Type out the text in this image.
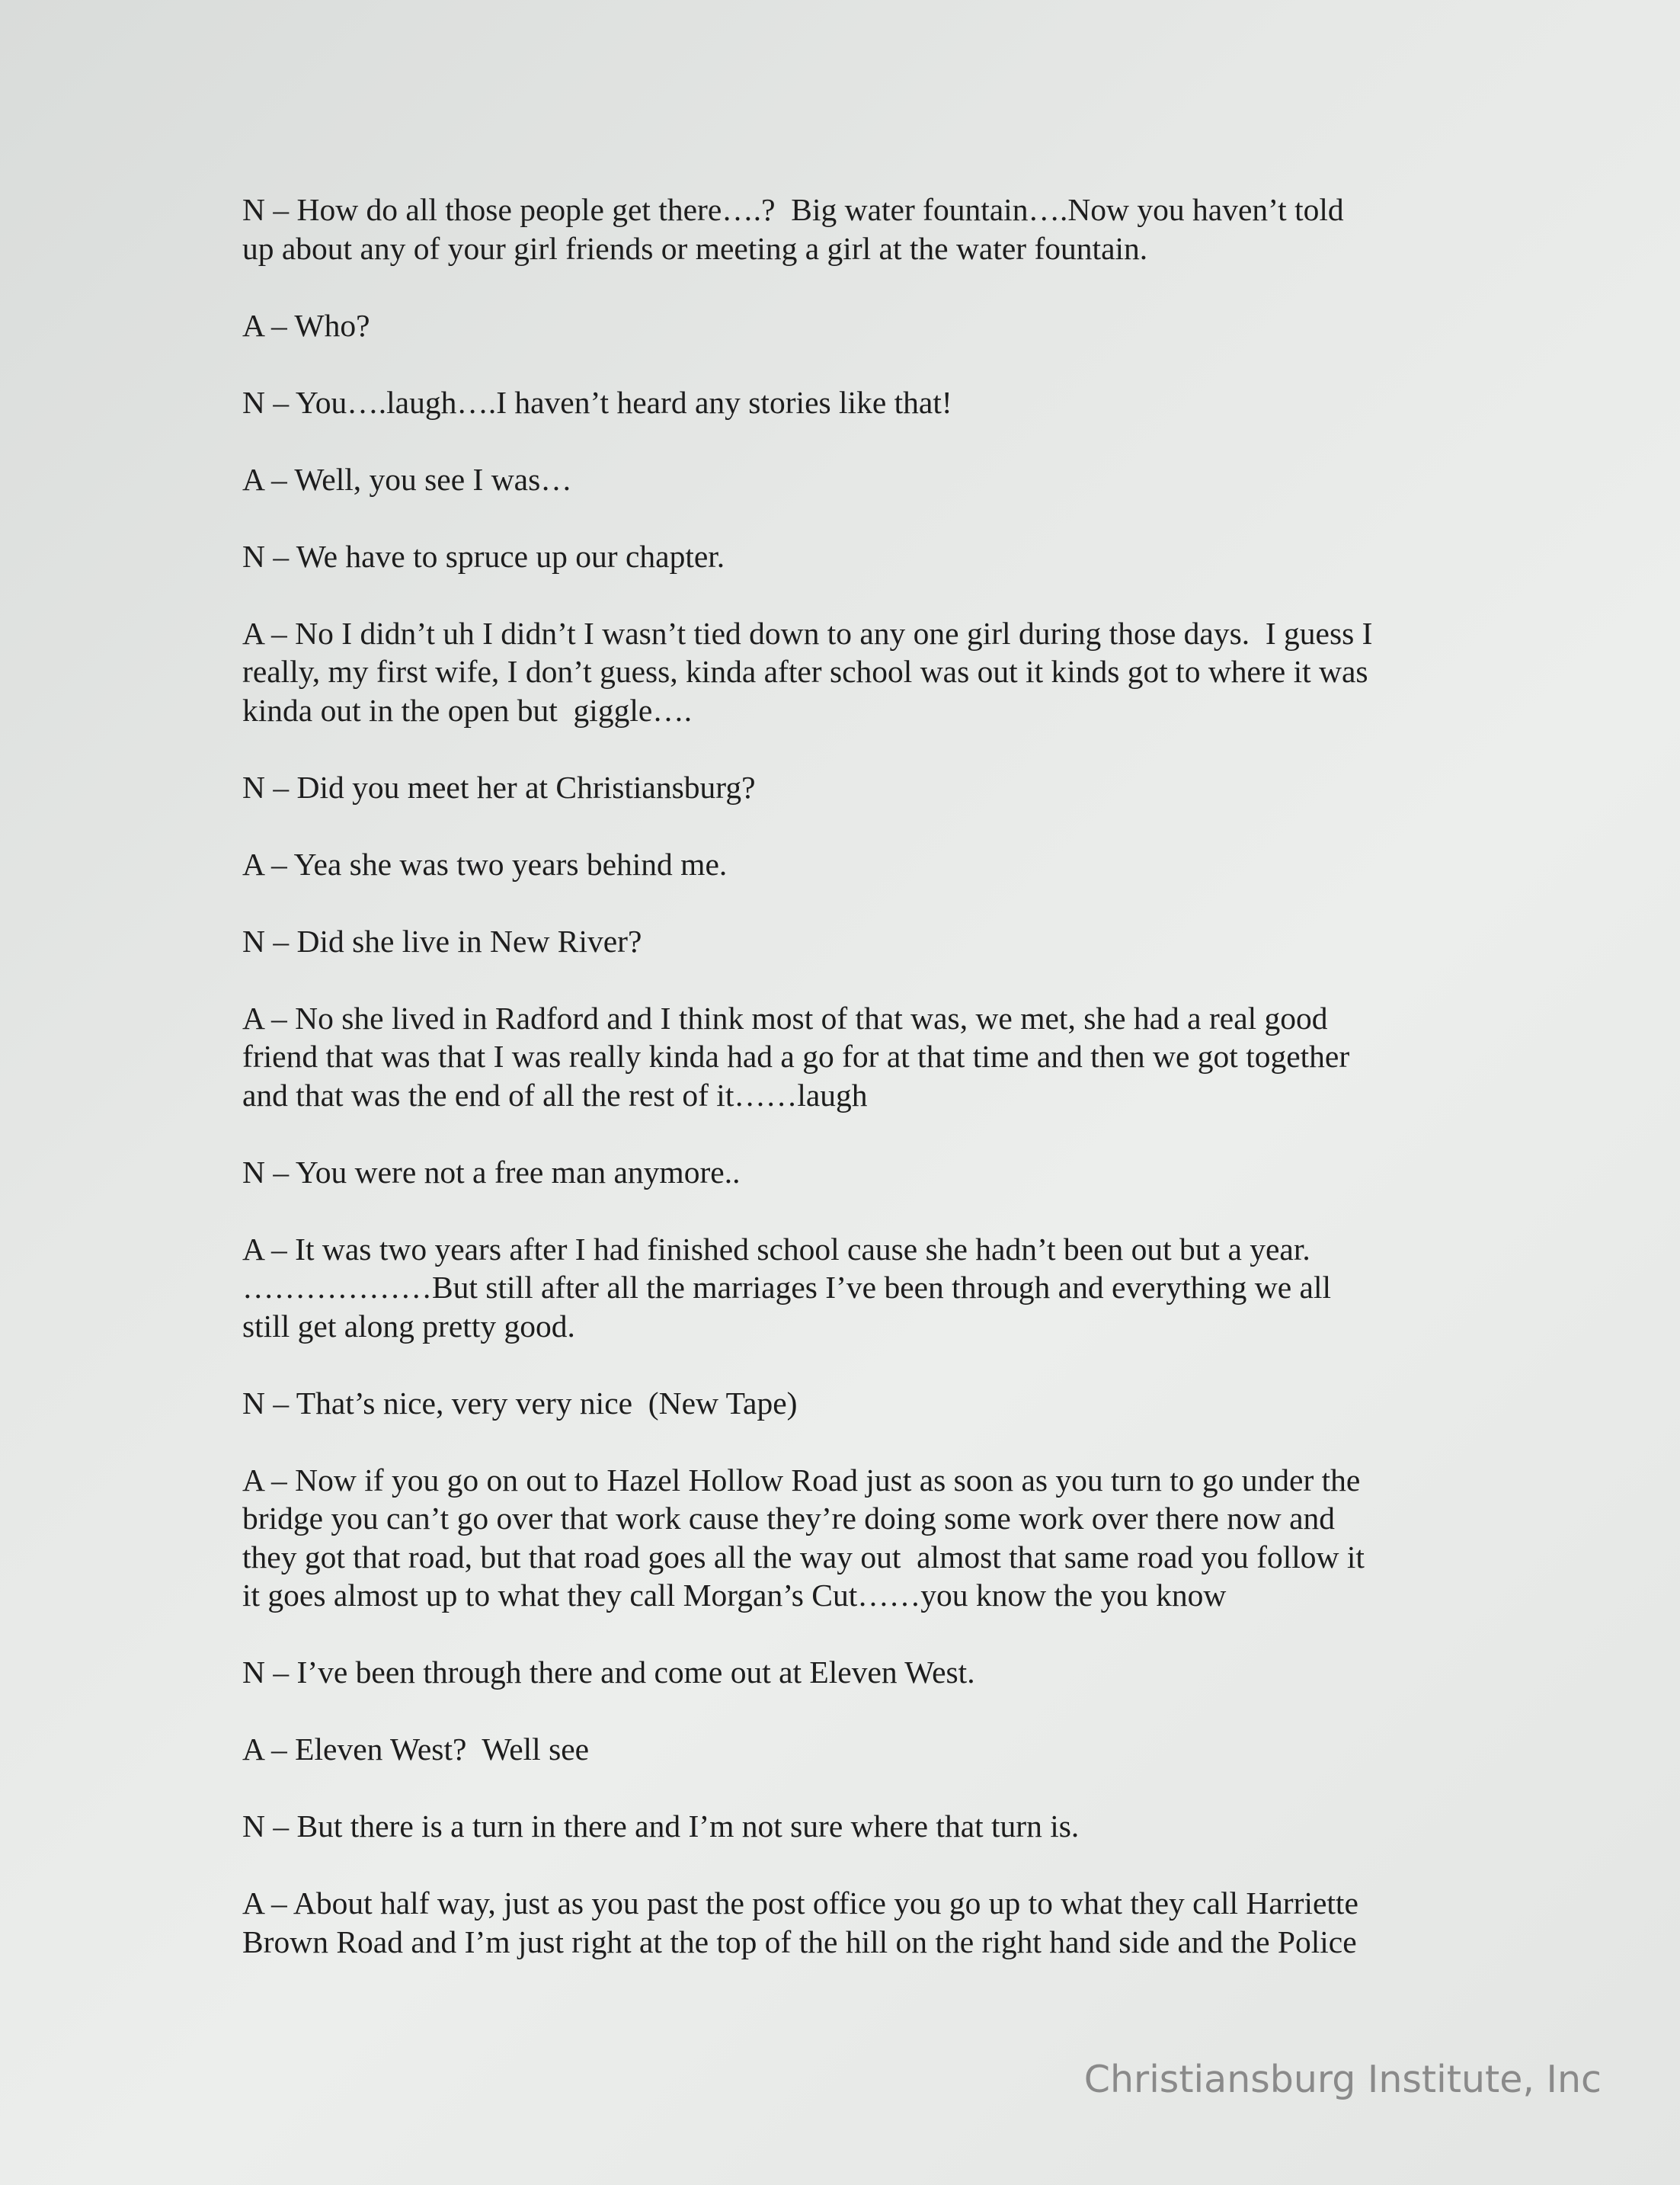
N – How do all those people get there….?  Big water fountain….Now you haven’t told
up about any of your girl friends or meeting a girl at the water fountain.
A – Who?
N – You….laugh….I haven’t heard any stories like that!
A – Well, you see I was…
N – We have to spruce up our chapter.
A – No I didn’t uh I didn’t I wasn’t tied down to any one girl during those days.  I guess I
really, my first wife, I don’t guess, kinda after school was out it kinds got to where it was
kinda out in the open but  giggle….
N – Did you meet her at Christiansburg?
A – Yea she was two years behind me.
N – Did she live in New River?
A – No she lived in Radford and I think most of that was, we met, she had a real good
friend that was that I was really kinda had a go for at that time and then we got together
and that was the end of all the rest of it……laugh
N – You were not a free man anymore..
A – It was two years after I had finished school cause she hadn’t been out but a year.
………………But still after all the marriages I’ve been through and everything we all
still get along pretty good.
N – That’s nice, very very nice  (New Tape)
A – Now if you go on out to Hazel Hollow Road just as soon as you turn to go under the
bridge you can’t go over that work cause they’re doing some work over there now and
they got that road, but that road goes all the way out  almost that same road you follow it
it goes almost up to what they call Morgan’s Cut……you know the you know
N – I’ve been through there and come out at Eleven West.
A – Eleven West?  Well see
N – But there is a turn in there and I’m not sure where that turn is.
A – About half way, just as you past the post office you go up to what they call Harriette
Brown Road and I’m just right at the top of the hill on the right hand side and the Police
Christiansburg Institute, Inc
